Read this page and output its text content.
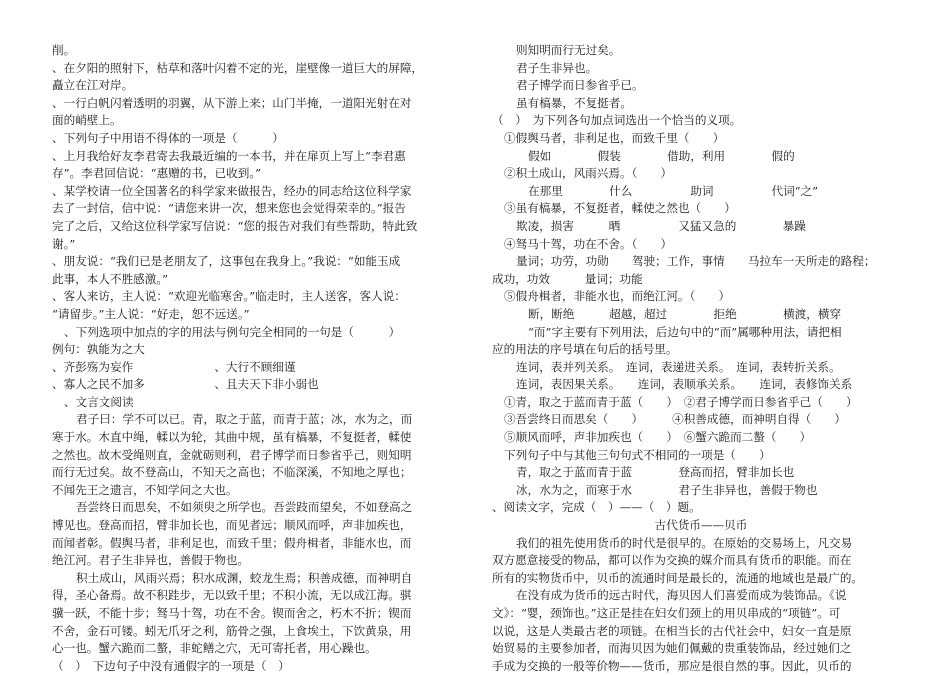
削。
、在夕阳的照射下，枯草和落叶闪着不定的光，崖壁像一道巨大的屏障，
矗立在江对岸。
、一行白帆闪着透明的羽翼，从下游上来；山门半掩，一道阳光射在对
面的峭壁上。
、下列句子中用语不得体的一项是（　　　）
、上月我给好友李君寄去我最近编的一本书，并在扉页上写上“李君惠
存”。李君回信说：“惠赠的书，已收到。”
、某学校请一位全国著名的科学家来做报告，经办的同志给这位科学家
去了一封信，信中说：“请您来讲一次，想来您也会觉得荣幸的。”报告
完了之后，又给这位科学家写信说：“您的报告对我们有些帮助，特此致
谢。”
、朋友说：“我们已是老朋友了，这事包在我身上。”我说：“如能玉成
此事，本人不胜感激。”
、客人来访，主人说：“欢迎光临寒舍。”临走时，主人送客，客人说：
“请留步。”主人说：“好走，恕不远送。”
、下列选项中加点的字的用法与例句完全相同的一句是（　　　）
例句：孰能为之大
、齐彭殇为妄作　　　　　　　、大行不顾细谨
、寡人之民不加多　　　　　　、且夫天下非小弱也
、文言文阅读
君子曰：学不可以已。青，取之于蓝，而青于蓝；冰，水为之，而
寒于水。木直中绳，輮以为轮，其曲中规，虽有槁暴，不复挺者，輮使
之然也。故木受绳则直，金就砺则利，君子博学而日参省乎己，则知明
而行无过矣。故不登高山，不知天之高也；不临深溪，不知地之厚也；
不闻先王之遗言，不知学问之大也。
吾尝终日而思矣，不如须臾之所学也。吾尝跂而望矣，不如登高之
博见也。登高而招，臂非加长也，而见者远；顺风而呼，声非加疾也，
而闻者彰。假舆马者，非利足也，而致千里；假舟楫者，非能水也，而
绝江河。君子生非异也，善假于物也。
积土成山，风雨兴焉；积水成渊，蛟龙生焉；积善成德，而神明自
得，圣心备焉。故不积跬步，无以致千里；不积小流，无以成江海。骐
骥一跃，不能十步；驽马十驾，功在不舍。锲而舍之，朽木不折；锲而
不舍，金石可镂。蚓无爪牙之利，筋骨之强，上食埃土，下饮黄泉，用
心一也。蟹六跪而二螯，非蛇鳝之穴，无可寄托者，用心躁也。
（　）　下边句子中没有通假字的一项是（　）
则知明而行无过矣。
君子生非异也。
君子博学而日参省乎已。
虽有槁暴，不复挺者。
（　）　为下列各句加点词选出一个恰当的义项。
①假舆马者，非利足也，而致千里（　　）
假如　　　　假装　　　　借助，利用　　　　假的
②积土成山，风雨兴焉。（　　）
在那里　　　　什么　　　　　助词　　　　　代词“之”
③虽有槁暴，不复挺者，輮使之然也（　　）
欺凌，损害　　　晒　　　　　又猛又急的　　　　暴躁
④驽马十驾，功在不舍。（　　）
量词；功劳，功勋　　驾驶；工作，事情　　马拉车一天所走的路程；
成功，功效　　　量词；功能
⑤假舟楫者，非能水也，而绝江河。（　　）
断，断绝　　　超越，超过　　　　拒绝　　　　横渡，横穿
“而”字主要有下列用法，后边句中的“而”属哪种用法，请把相
应的用法的序号填在句后的括号里。
连词，表并列关系。　连词，表递进关系。　连词，表转折关系。
连词，表因果关系。　　连词，表顺承关系。　　连词，表修饰关系
①青，取之于蓝而青于蓝（　　）　②君子博学而日参省乎己（　　）
③吾尝终日而思矣（　　）　　　④积善成德，而神明自得（　　）
⑤顺风而呼，声非加疾也（　　）　⑥蟹六跪而二螯（　　）
下列句子中与其他三句句式不相同的一项是（　　）
青，取之于蓝而青于蓝　　　　登高而招，臂非加长也
冰，水为之，而寒于水　　　　君子生非异也，善假于物也
、阅读文字，完成（　）——（　）题。
古代货币——贝币
我们的祖先使用货币的时代是很早的。在原始的交易场上，凡交易
双方愿意接受的物品，都可以作为交换的媒介而具有货币的职能。而在
所有的实物货币中，贝币的流通时间是最长的，流通的地域也是最广的。
在没有成为货币的远古时代，海贝因人们喜爱而成为装饰品。《说
文》：“婴，颈饰也。”这正是挂在妇女们颈上的用贝串成的“项链”。可
以说，这是人类最古老的项链。在相当长的古代社会中，妇女一直是原
始贸易的主要参加者，而海贝因为她们佩戴的贵重装饰品，经过她们之
手成为交换的一般等价物——货币，那应是很自然的事。因此，贝币的
